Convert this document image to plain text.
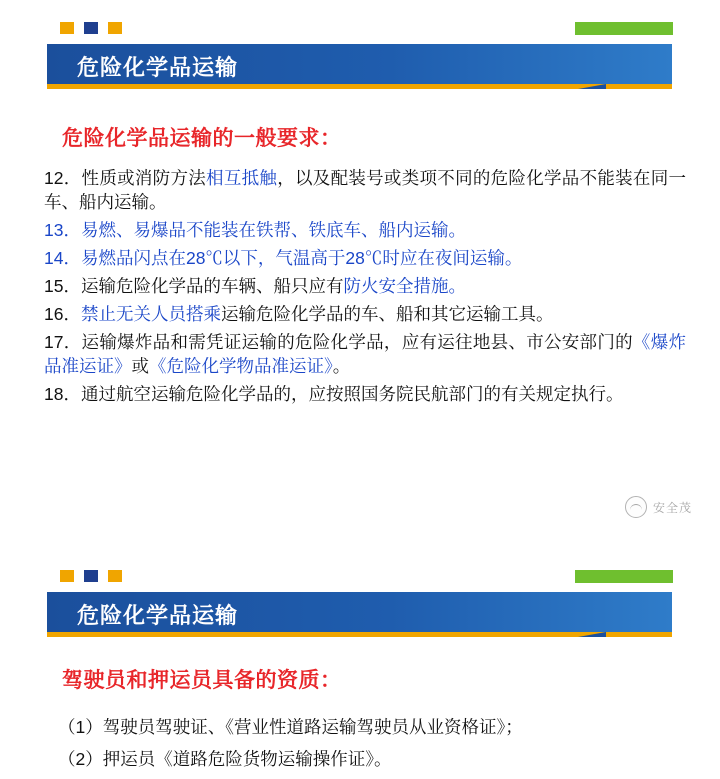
危险化学品运输
危险化学品运输的一般要求：

12．性质或消防方法相互抵触，以及配装号或类项不同的危险化学品不能装在同一车、船内运输。

13．易燃、易爆品不能装在铁帮、铁底车、船内运输。

14．易燃品闪点在28℃以下，气温高于28℃时应在夜间运输。

15．运输危险化学品的车辆、船只应有防火安全措施。

16．禁止无关人员搭乘运输危险化学品的车、船和其它运输工具。

17．运输爆炸品和需凭证运输的危险化学品，应有运往地县、市公安部门的《爆炸品准运证》或《危险化学物品准运证》。

18．通过航空运输危险化学品的，应按照国务院民航部门的有关规定执行。

安全茂
危险化学品运输
驾驶员和押运员具备的资质：
（1）驾驶员驾驶证、《营业性道路运输驾驶员从业资格证》；
（2）押运员《道路危险货物运输操作证》。
